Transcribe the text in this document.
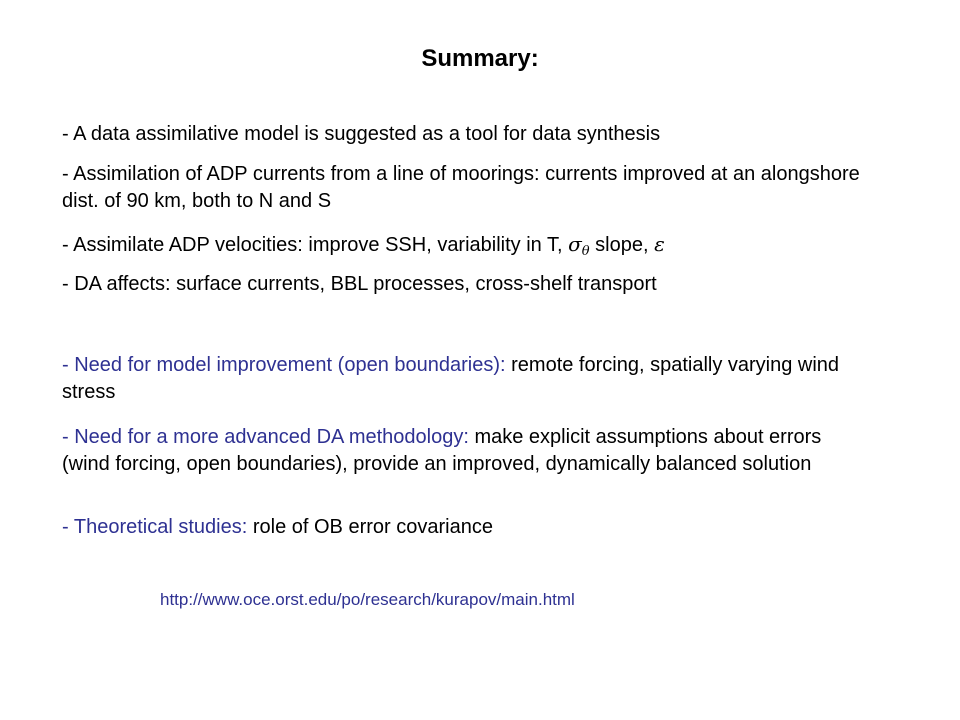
Summary:
- A data assimilative model is suggested as a tool for data synthesis
- Assimilation of ADP currents from a line of moorings: currents improved at an alongshore dist. of 90 km, both to N and S
- Assimilate ADP velocities: improve SSH, variability in T, $\sigma_\theta$ slope, ε
- DA affects: surface currents, BBL processes, cross-shelf transport
- Need for model improvement (open boundaries): remote forcing, spatially varying wind stress
- Need for a more advanced DA methodology: make explicit assumptions about errors (wind forcing, open boundaries), provide an improved, dynamically balanced solution
- Theoretical studies: role of OB error covariance
http://www.oce.orst.edu/po/research/kurapov/main.html
